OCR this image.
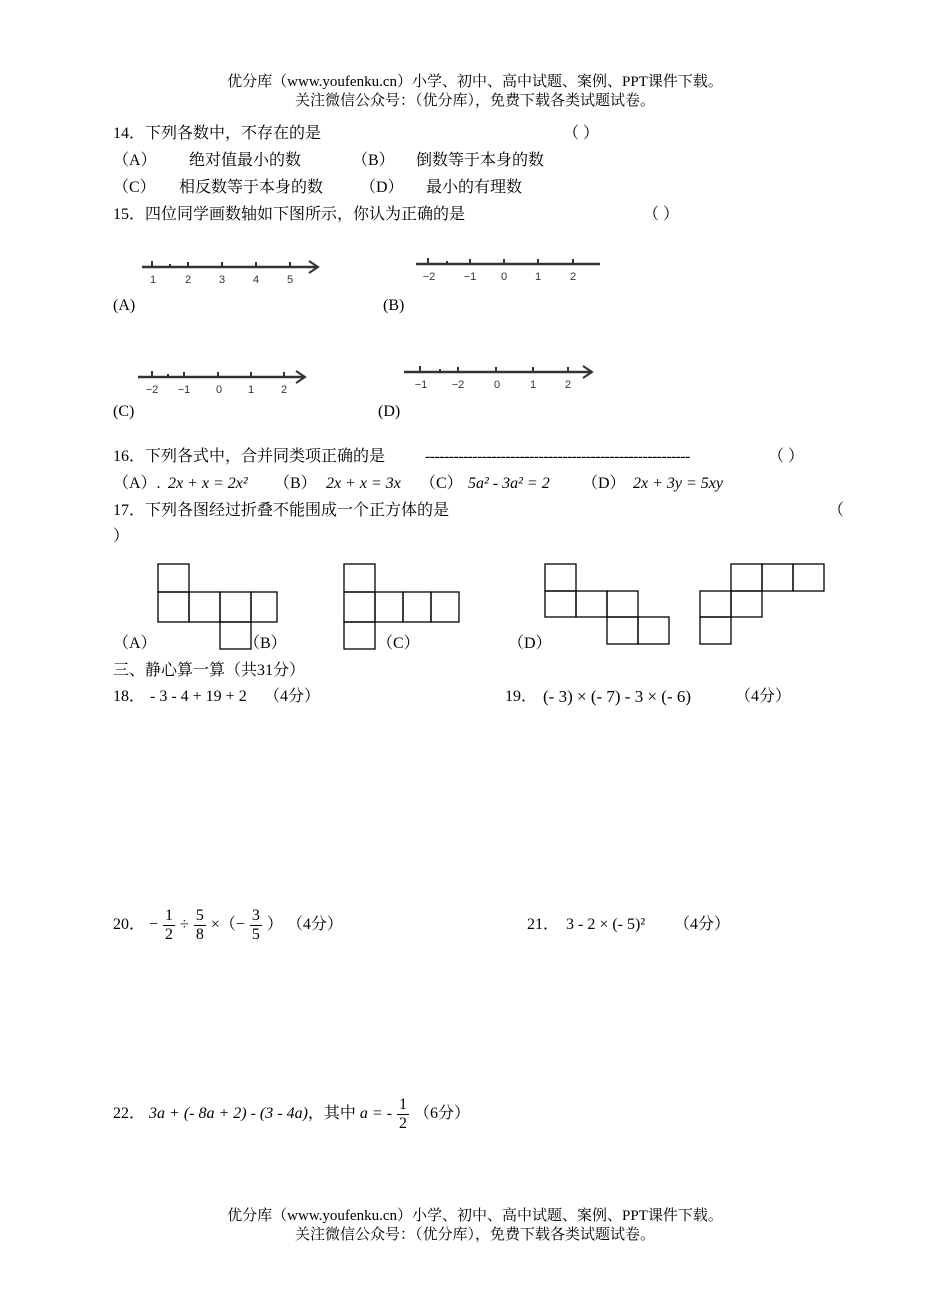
优分库（www.youfenku.cn）小学、初中、高中试题、案例、PPT课件下载。
关注微信公众号：（优分库），免费下载各类试题试卷。
14．下列各数中，不存在的是	（ ）
（A） 绝对值最小的数	（B） 倒数等于本身的数
（C） 相反数等于本身的数 （D） 最小的有理数
15．四位同学画数轴如下图所示，你认为正确的是	（ ）
1	2	3	4	5	−2	−1 0	1	2
−2 −1 0 1 2	−1 −2	0	1	2
(A)	(B)
(C)	(D)
16．下列各式中，合并同类项正确的是 --------------------------------------------------------	（ ）
（A）. 2x + x = 2x² （B） 2x + x = 3x （C） 5a² - 3a² = 2 （D） 2x + 3y = 5xy
17．下列各图经过折叠不能围成一个正方体的是	（
）
（A）	（B）	（C）	（D）
三、静心算一算（共31分）
18． - 3 - 4 + 19 + 2 （4分）	19． (- 3) × (- 7) - 3 × (- 6)	（4分）
20． − $\frac{1}{2} \div \frac{5}{8}$ ×（− $\frac{3}{5}$ ） （4分）	21． 3 - 2 × (- 5)² （4分）
22． 3a + (- 8a + 2) - (3 - 4a)，其中 a = - $\frac{1}{2} (6$分）
优分库（www.youfenku.cn）小学、初中、高中试题、案例、PPT课件下载。
关注微信公众号：（优分库），免费下载各类试题试卷。
